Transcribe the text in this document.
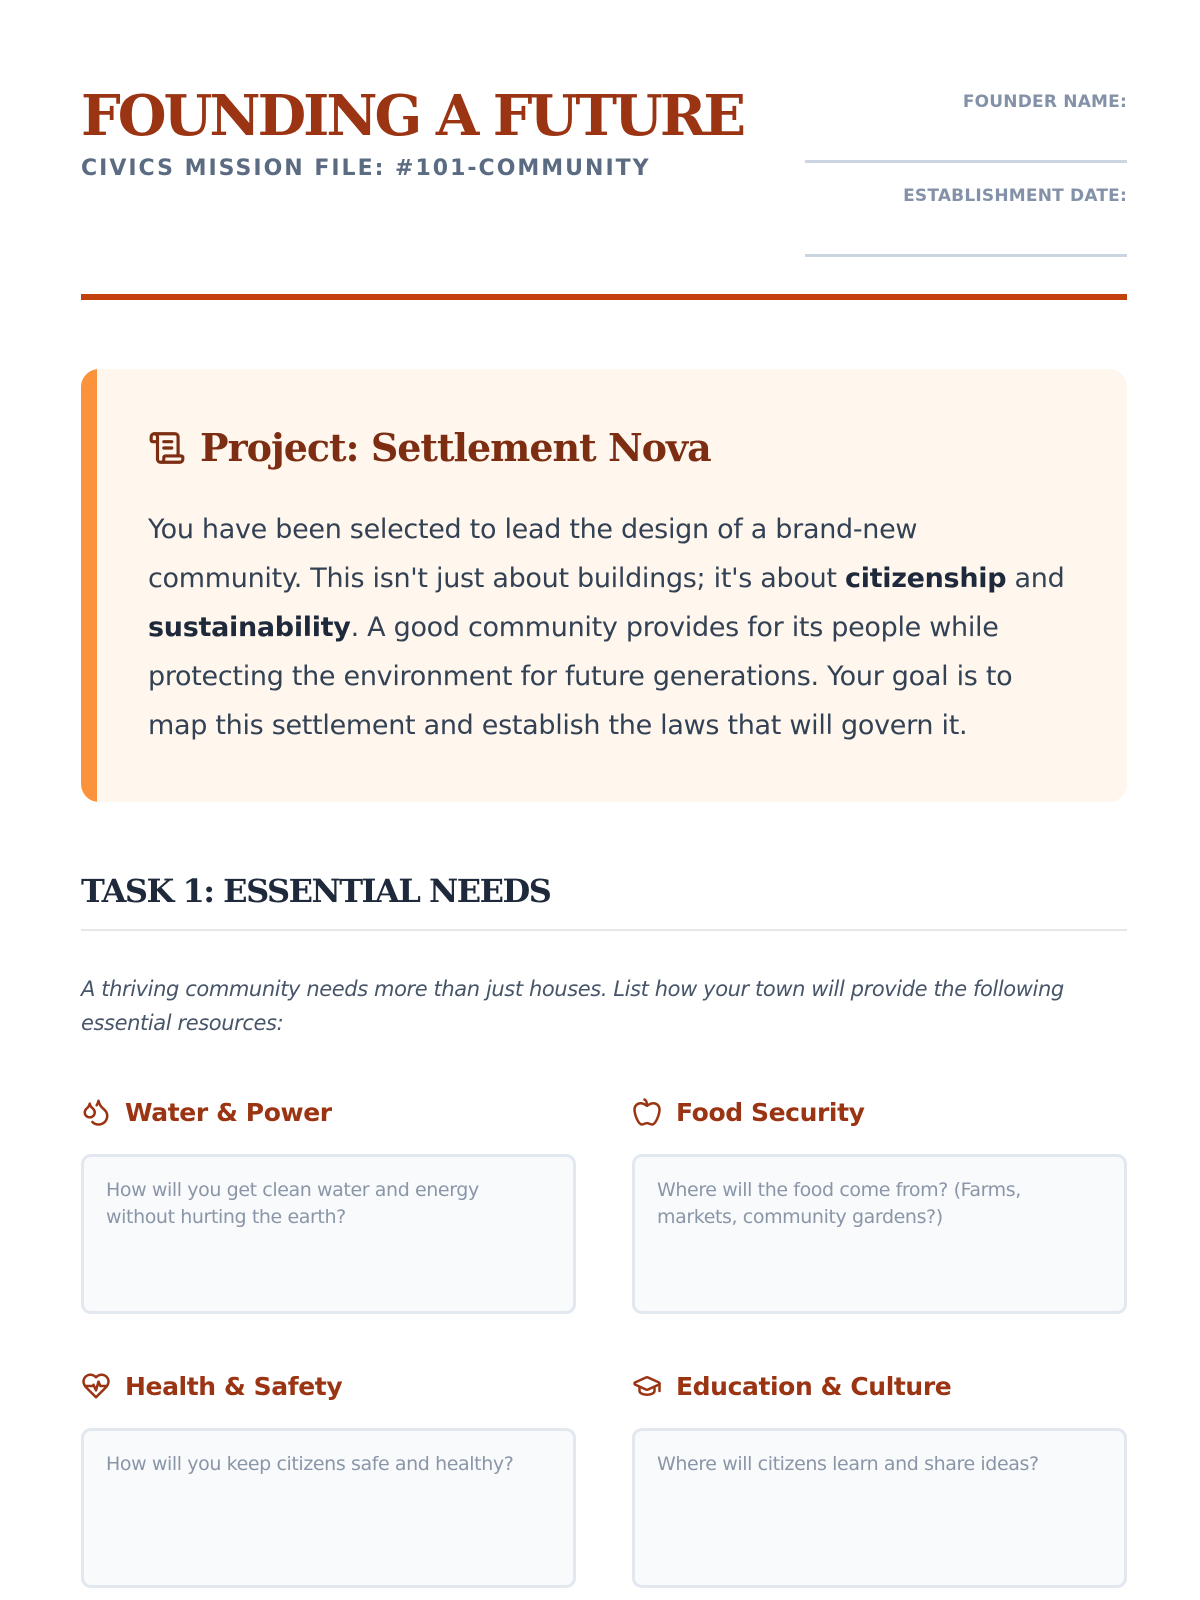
FOUNDING A FUTURE
CIVICS MISSION FILE: #101-COMMUNITY
FOUNDER NAME:
ESTABLISHMENT DATE:
Project: Settlement Nova

You have been selected to lead the design of a brand-new community. This isn't just about buildings; it's about citizenship and sustainability. A good community provides for its people while protecting the environment for future generations. Your goal is to map this settlement and establish the laws that will govern it.

TASK 1: ESSENTIAL NEEDS

A thriving community needs more than just houses. List how your town will provide the following essential resources:

Water & Power
How will you get clean water and energy without hurting the earth?
Food Security
Where will the food come from? (Farms, markets, community gardens?)
Health & Safety
How will you keep citizens safe and healthy?
Education & Culture
Where will citizens learn and share ideas?
